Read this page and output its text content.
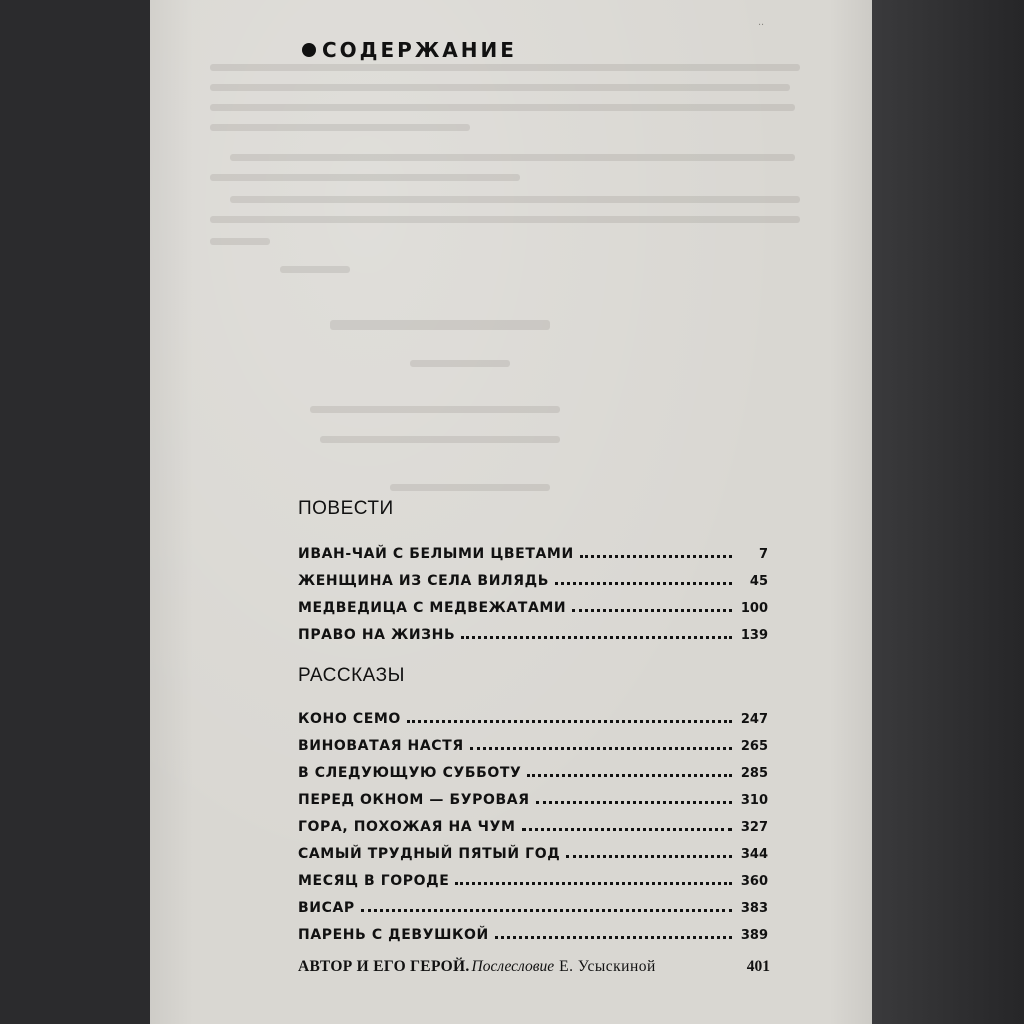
..
СОДЕРЖАНИЕ
ПОВЕСТИ
ИВАН-ЧАЙ С БЕЛЫМИ ЦВЕТАМИ	7
ЖЕНЩИНА ИЗ СЕЛА ВИЛЯДЬ	45
МЕДВЕДИЦА С МЕДВЕЖАТАМИ	100
ПРАВО НА ЖИЗНЬ	139
РАССКАЗЫ
КОНО СЕМО	247
ВИНОВАТАЯ НАСТЯ	265
В СЛЕДУЮЩУЮ СУББОТУ	285
ПЕРЕД ОКНОМ — БУРОВАЯ	310
ГОРА, ПОХОЖАЯ НА ЧУМ	327
САМЫЙ ТРУДНЫЙ ПЯТЫЙ ГОД	344
МЕСЯЦ В ГОРОДЕ	360
ВИСАР	383
ПАРЕНЬ С ДЕВУШКОЙ	389
АВТОР И ЕГО ГЕРОЙ. Послесловие Е. Усыскиной	401
